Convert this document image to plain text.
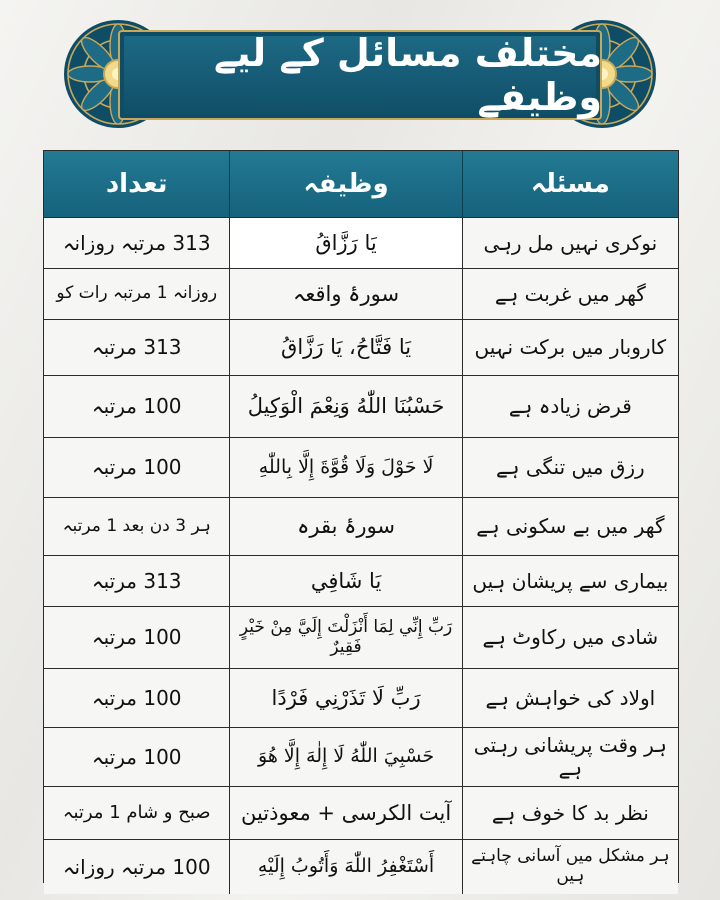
مختلف مسائل کے لیے وظیفے
تعداد	وظیفہ	مسئلہ
313 مرتبہ روزانہ	یَا رَزَّاقُ	نوکری نہیں مل رہی
روزانہ 1 مرتبہ رات کو	سورۂ واقعہ	گھر میں غربت ہے
313 مرتبہ	یَا فَتَّاحُ، یَا رَزَّاقُ	کاروبار میں برکت نہیں
100 مرتبہ	حَسْبُنَا اللّٰهُ وَنِعْمَ الْوَكِيلُ	قرض زیادہ ہے
100 مرتبہ	لَا حَوْلَ وَلَا قُوَّةَ إِلَّا بِاللّٰهِ	رزق میں تنگی ہے
ہر 3 دن بعد 1 مرتبہ	سورۂ بقرہ	گھر میں بے سکونی ہے
313 مرتبہ	یَا شَافِي	بیماری سے پریشان ہیں
100 مرتبہ	رَبِّ إِنِّي لِمَا أَنْزَلْتَ إِلَيَّ مِنْ خَيْرٍ فَقِيرٌ	شادی میں رکاوٹ ہے
100 مرتبہ	رَبِّ لَا تَذَرْنِي فَرْدًا	اولاد کی خواہش ہے
100 مرتبہ	حَسْبِيَ اللّٰهُ لَا إِلٰهَ إِلَّا هُوَ	ہر وقت پریشانی رہتی ہے
صبح و شام 1 مرتبہ	آیت الکرسی + معوذتین	نظر بد کا خوف ہے
100 مرتبہ روزانہ	أَسْتَغْفِرُ اللّٰهَ وَأَتُوبُ إِلَيْهِ	ہر مشکل میں آسانی چاہتے ہیں
